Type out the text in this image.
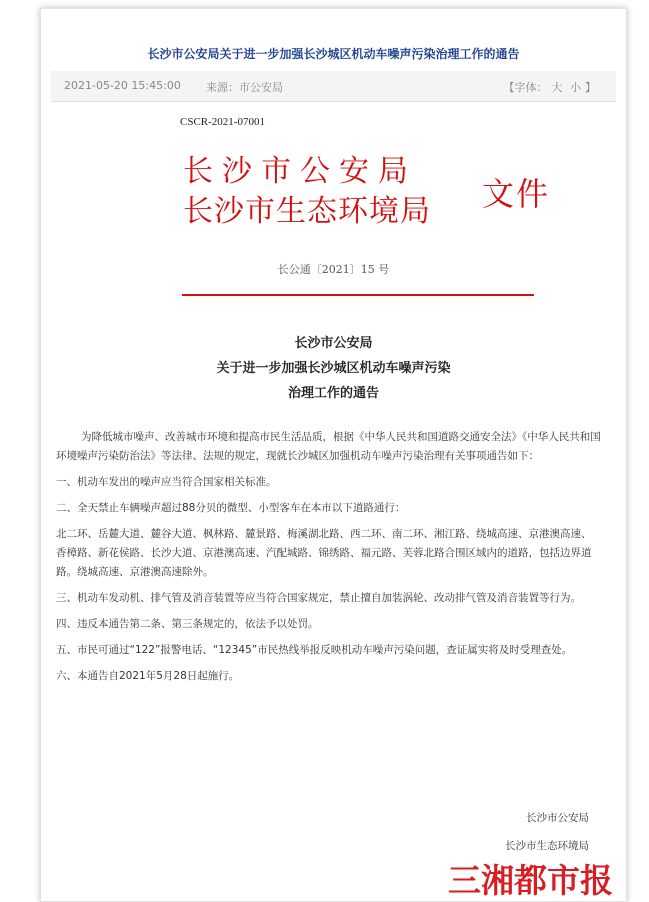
长沙市公安局关于进一步加强长沙城区机动车噪声污染治理工作的通告
2021-05-20 15:45:00 来源：市公安局	【字体： 大 小 】
CSCR-2021-07001
长沙市公安局
长沙市生态环境局 文件
长公通〔2021〕15 号
长沙市公安局
关于进一步加强长沙城区机动车噪声污染
治理工作的通告

为降低城市噪声、改善城市环境和提高市民生活品质，根据《中华人民共和国道路交通安全法》《中华人民共和国环境噪声污染防治法》等法律、法规的规定，现就长沙城区加强机动车噪声污染治理有关事项通告如下：

一、机动车发出的噪声应当符合国家相关标准。

二、全天禁止车辆噪声超过88分贝的微型、小型客车在本市以下道路通行：

北二环、岳麓大道、麓谷大道、枫林路、麓景路、梅溪湖北路、西二环、南二环、湘江路、绕城高速、京港澳高速、香樟路、新花侯路、长沙大道、京港澳高速、汽配城路、锦绣路、福元路、芙蓉北路合围区域内的道路，包括边界道路。绕城高速、京港澳高速除外。

三、机动车发动机、排气管及消音装置等应当符合国家规定，禁止擅自加装涡轮、改动排气管及消音装置等行为。

四、违反本通告第二条、第三条规定的，依法予以处罚。

五、市民可通过“122”报警电话、“12345”市民热线举报反映机动车噪声污染问题，查证属实将及时受理查处。

六、本通告自2021年5月28日起施行。

长沙市公安局
长沙市生态环境局
三湘都市报
